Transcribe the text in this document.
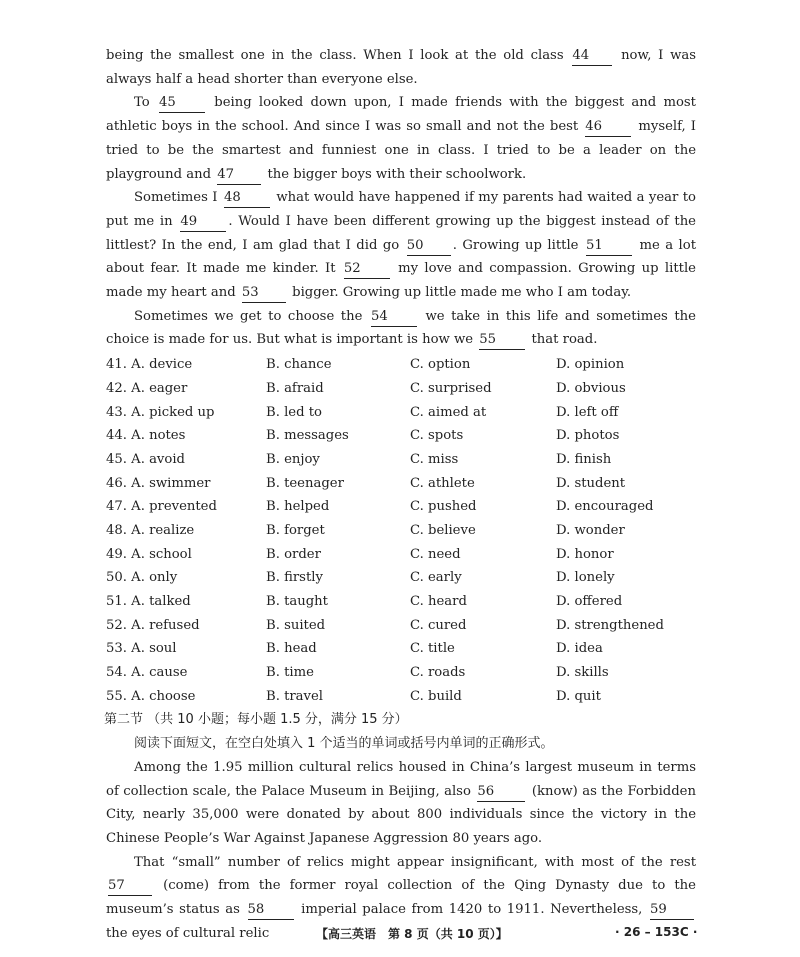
being the smallest one in the class. When I look at the old class 44 now, I was always half a head shorter than everyone else.

To 45	being looked down upon, I made friends with the biggest and most athletic boys in the school. And since I was so small and not the best 46	myself, I tried to be the smartest and funniest one in class. I tried to be a leader on the playground and 47	the bigger boys with their schoolwork.

Sometimes I 48	what would have happened if my parents had waited a year to put me in 49 . Would I have been different growing up the biggest instead of the littlest? In the end, I am glad that I did go 50 . Growing up little 51	me a lot about fear. It made me kinder. It 52	my love and compassion. Growing up little made my heart and 53	bigger. Growing up little made me who I am today.

Sometimes we get to choose the 54	we take in this life and sometimes the choice is made for us. But what is important is how we 55	that road.

41. A. device	B. chance	C. option	D. opinion
42. A. eager	B. afraid	C. surprised	D. obvious
43. A. picked up	B. led to	C. aimed at	D. left off
44. A. notes	B. messages	C. spots	D. photos
45. A. avoid	B. enjoy	C. miss	D. finish
46. A. swimmer	B. teenager	C. athlete	D. student
47. A. prevented	B. helped	C. pushed	D. encouraged
48. A. realize	B. forget	C. believe	D. wonder
49. A. school	B. order	C. need	D. honor
50. A. only	B. firstly	C. early	D. lonely
51. A. talked	B. taught	C. heard	D. offered
52. A. refused	B. suited	C. cured	D. strengthened
53. A. soul	B. head	C. title	D. idea
54. A. cause	B. time	C. roads	D. skills
55. A. choose	B. travel	C. build	D. quit

第二节 （共 10 小题；每小题 1.5 分，满分 15 分）

阅读下面短文，在空白处填入 1 个适当的单词或括号内单词的正确形式。

Among the 1.95 million cultural relics housed in China’s largest museum in terms of collection scale, the Palace Museum in Beijing, also 56	(know) as the Forbidden City, nearly 35,000 were donated by about 800 individuals since the victory in the Chinese People’s War Against Japanese Aggression 80 years ago.

That “small” number of relics might appear insignificant, with most of the rest 57	(come) from the former royal collection of the Qing Dynasty due to the museum’s status as 58	imperial palace from 1420 to 1911. Nevertheless, 59 the eyes of cultural relic	【高三英语　第 8 页（共 10 页）】	· 26 – 153C ·
